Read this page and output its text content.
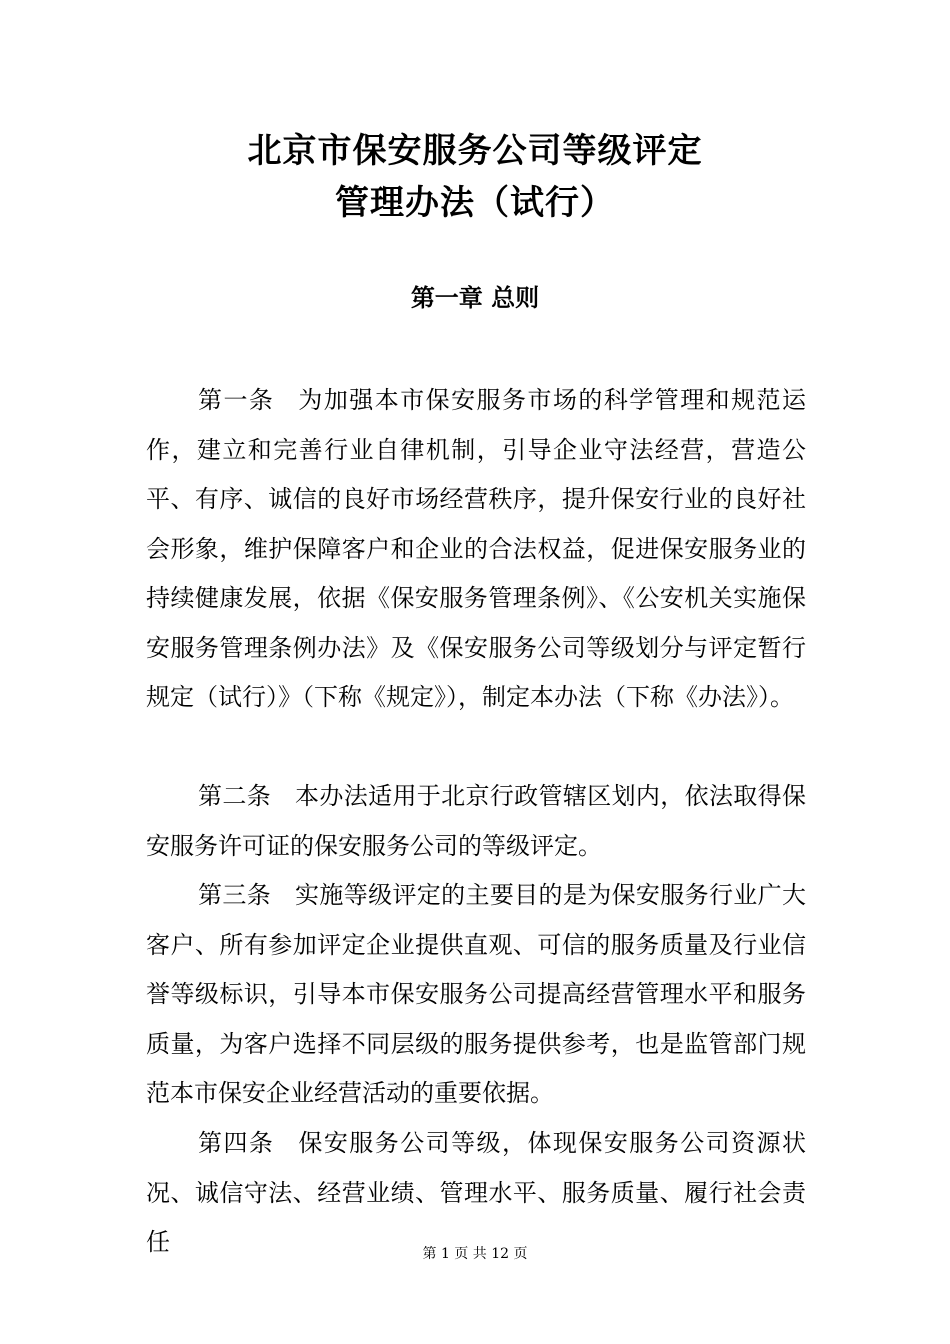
北京市保安服务公司等级评定
管理办法（试行）
第一章 总则

第一条 为加强本市保安服务市场的科学管理和规范运作，建立和完善行业自律机制，引导企业守法经营，营造公平、有序、诚信的良好市场经营秩序，提升保安行业的良好社会形象，维护保障客户和企业的合法权益，促进保安服务业的持续健康发展，依据《保安服务管理条例》、《公安机关实施保安服务管理条例办法》及《保安服务公司等级划分与评定暂行规定（试行）》（下称《规定》），制定本办法（下称《办法》）。

第二条 本办法适用于北京行政管辖区划内，依法取得保安服务许可证的保安服务公司的等级评定。

第三条 实施等级评定的主要目的是为保安服务行业广大客户、所有参加评定企业提供直观、可信的服务质量及行业信誉等级标识，引导本市保安服务公司提高经营管理水平和服务质量，为客户选择不同层级的服务提供参考，也是监管部门规范本市保安企业经营活动的重要依据。

第四条 保安服务公司等级，体现保安服务公司资源状况、诚信守法、经营业绩、管理水平、服务质量、履行社会责任	第 1 页 共 12 页
